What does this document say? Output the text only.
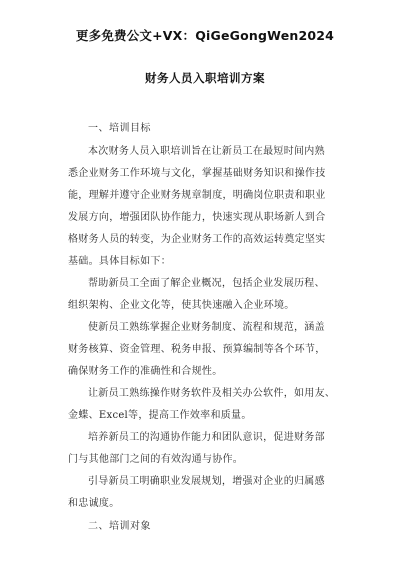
更多免费公文+VX：QiGeGongWen2024
财务人员入职培训方案
一、培训目标
本次财务人员入职培训旨在让新员工在最短时间内熟
悉企业财务工作环境与文化，掌握基础财务知识和操作技
能，理解并遵守企业财务规章制度，明确岗位职责和职业
发展方向，增强团队协作能力，快速实现从职场新人到合
格财务人员的转变，为企业财务工作的高效运转奠定坚实
基础。具体目标如下：
帮助新员工全面了解企业概况，包括企业发展历程、
组织架构、企业文化等，使其快速融入企业环境。
使新员工熟练掌握企业财务制度、流程和规范，涵盖
财务核算、资金管理、税务申报、预算编制等各个环节，
确保财务工作的准确性和合规性。
让新员工熟练操作财务软件及相关办公软件，如用友、
金蝶、Excel等，提高工作效率和质量。
培养新员工的沟通协作能力和团队意识，促进财务部
门与其他部门之间的有效沟通与协作。
引导新员工明确职业发展规划，增强对企业的归属感
和忠诚度。
二、培训对象
